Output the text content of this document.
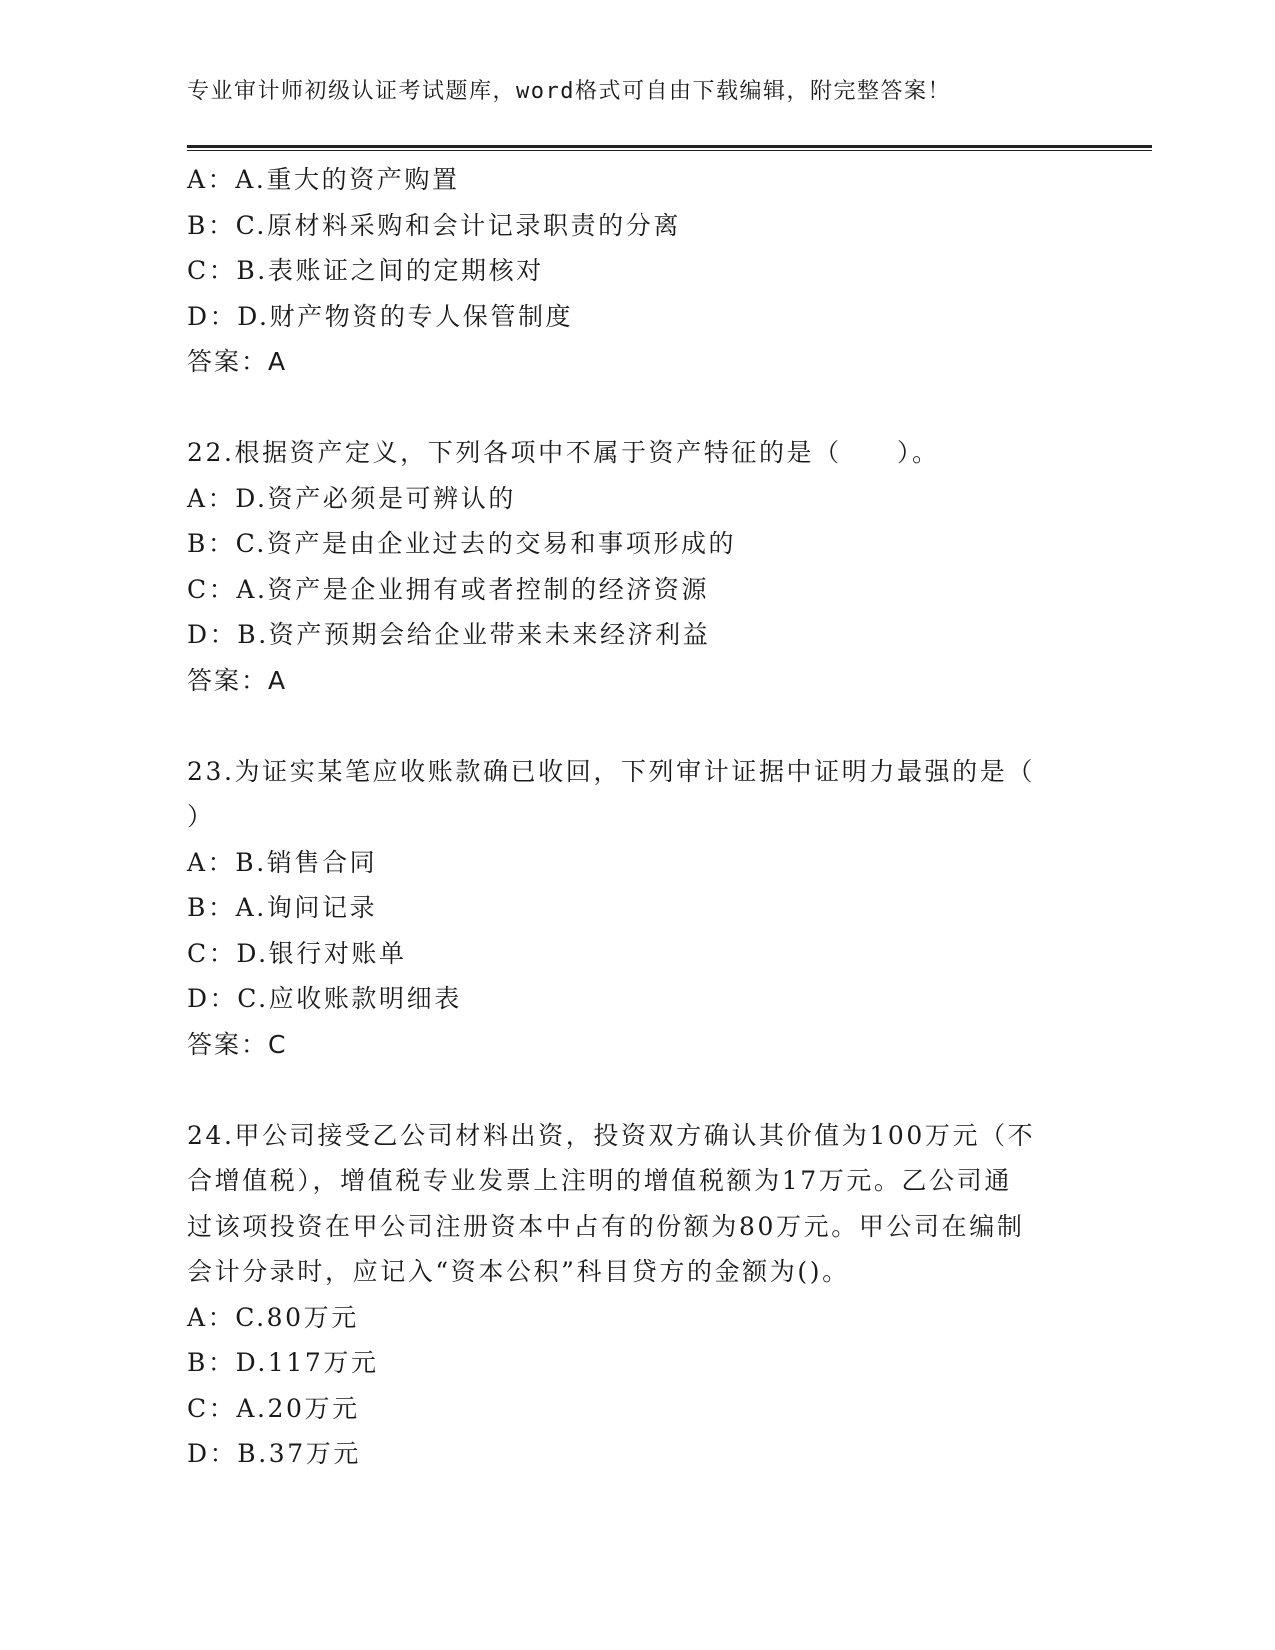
专业审计师初级认证考试题库，word格式可自由下载编辑，附完整答案！
A：A.重大的资产购置
B：C.原材料采购和会计记录职责的分离
C：B.表账证之间的定期核对
D：D.财产物资的专人保管制度
答案：A
22.根据资产定义，下列各项中不属于资产特征的是（　　）。
A：D.资产必须是可辨认的
B：C.资产是由企业过去的交易和事项形成的
C：A.资产是企业拥有或者控制的经济资源
D：B.资产预期会给企业带来未来经济利益
答案：A
23.为证实某笔应收账款确已收回，下列审计证据中证明力最强的是（
）
A：B.销售合同
B：A.询问记录
C：D.银行对账单
D：C.应收账款明细表
答案：C
24.甲公司接受乙公司材料出资，投资双方确认其价值为100万元（不
合增值税），增值税专业发票上注明的增值税额为17万元。乙公司通
过该项投资在甲公司注册资本中占有的份额为80万元。甲公司在编制
会计分录时，应记入“资本公积”科目贷方的金额为()。
A：C.80万元
B：D.117万元
C：A.20万元
D：B.37万元
